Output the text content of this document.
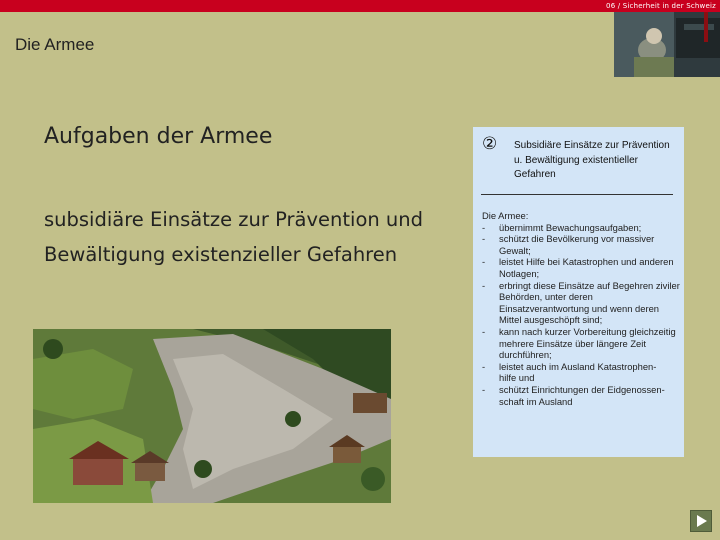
06 / Sicherheit in der Schweiz
Die Armee
Aufgaben der Armee
subsidiäre Einsätze zur Prävention und Bewältigung existenzieller Gefahren
② Subsidiäre Einsätze zur Prävention u. Bewältigung existentieller Gefahren

Die Armee:

- übernimmt Bewachungsaufgaben;
- schützt die Bevölkerung vor massiver Gewalt;
- leistet Hilfe bei Katastrophen und anderen Notlagen;
- erbringt diese Einsätze auf Begehren ziviler Behörden, unter deren Einsatzverantwortung und wenn deren Mittel ausgeschöpft sind;
- kann nach kurzer Vorbereitung gleichzeitig mehrere Einsätze über längere Zeit durchführen;
- leistet auch im Ausland Katastrophen-
hilfe und
- schützt Einrichtungen der Eidgenossen-
schaft im Ausland
